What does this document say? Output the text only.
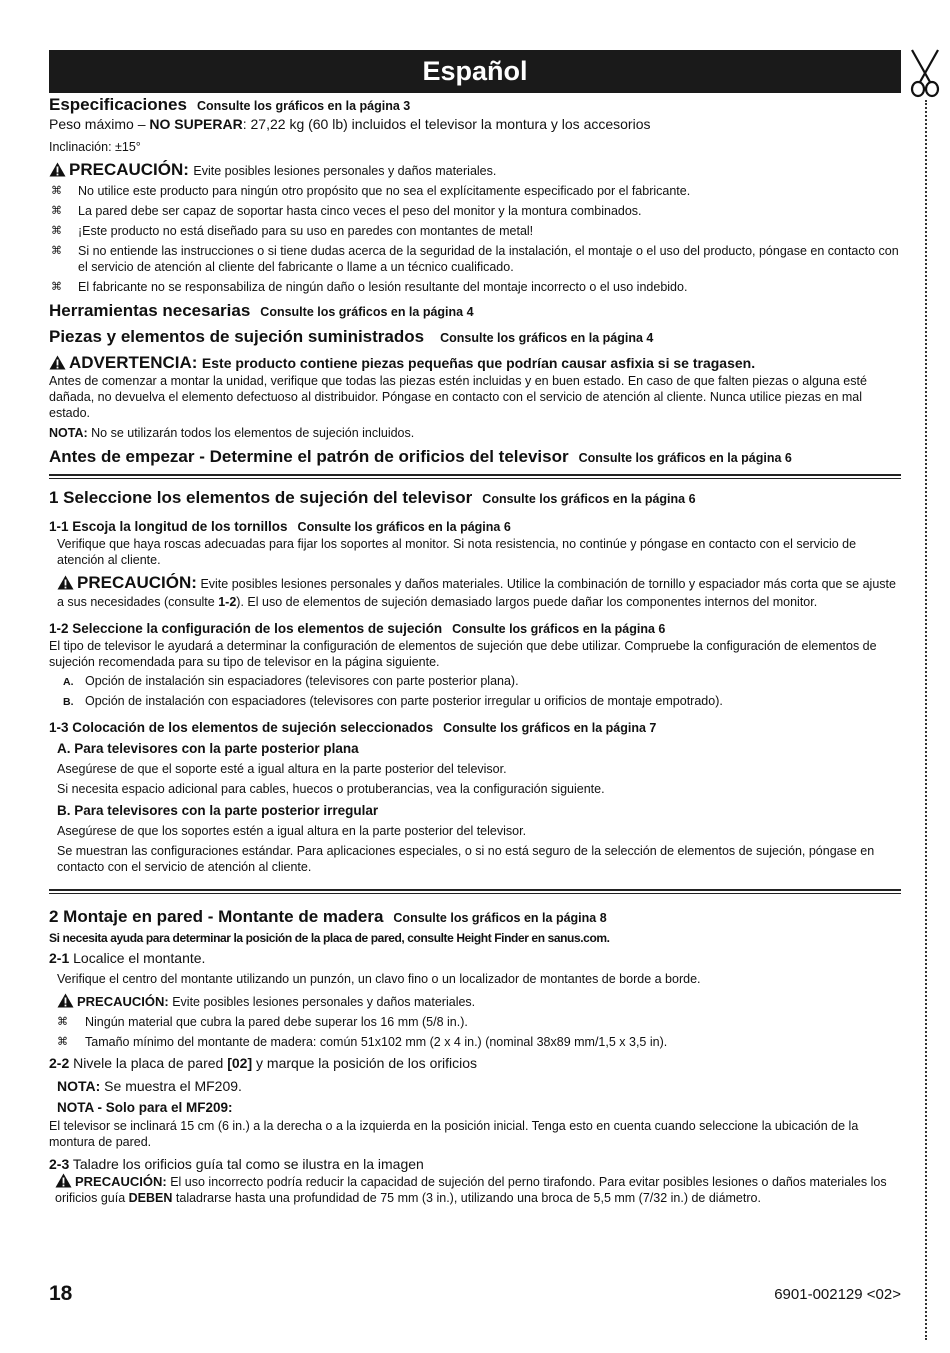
Español
Especificaciones Consulte los gráficos en la página 3
Peso máximo – NO SUPERAR: 27,22 kg (60 lb) incluidos el televisor la montura y los accesorios
Inclinación: ±15°
PRECAUCIÓN: Evite posibles lesiones personales y daños materiales.
⌘ No utilice este producto para ningún otro propósito que no sea el explícitamente especificado por el fabricante.
⌘ La pared debe ser capaz de soportar hasta cinco veces el peso del monitor y la montura combinados.
⌘ ¡Este producto no está diseñado para su uso en paredes con montantes de metal!
⌘ Si no entiende las instrucciones o si tiene dudas acerca de la seguridad de la instalación, el montaje o el uso del producto, póngase en contacto con el servicio de atención al cliente del fabricante o llame a un técnico cualificado.
⌘ El fabricante no se responsabiliza de ningún daño o lesión resultante del montaje incorrecto o el uso indebido.
Herramientas necesarias Consulte los gráficos en la página 4
Piezas y elementos de sujeción suministrados Consulte los gráficos en la página 4
ADVERTENCIA: Este producto contiene piezas pequeñas que podrían causar asfixia si se tragasen.
Antes de comenzar a montar la unidad, verifique que todas las piezas estén incluidas y en buen estado. En caso de que falten piezas o alguna esté dañada, no devuelva el elemento defectuoso al distribuidor. Póngase en contacto con el servicio de atención al cliente. Nunca utilice piezas en mal estado.
NOTA: No se utilizarán todos los elementos de sujeción incluidos.
Antes de empezar - Determine el patrón de orificios del televisor Consulte los gráficos en la página 6
1 Seleccione los elementos de sujeción del televisor Consulte los gráficos en la página 6
1-1 Escoja la longitud de los tornillos Consulte los gráficos en la página 6
Verifique que haya roscas adecuadas para fijar los soportes al monitor. Si nota resistencia, no continúe y póngase en contacto con el servicio de atención al cliente.
PRECAUCIÓN: Evite posibles lesiones personales y daños materiales. Utilice la combinación de tornillo y espaciador más corta que se ajuste a sus necesidades (consulte 1-2). El uso de elementos de sujeción demasiado largos puede dañar los componentes internos del monitor.
1-2 Seleccione la configuración de los elementos de sujeción Consulte los gráficos en la página 6
El tipo de televisor le ayudará a determinar la configuración de elementos de sujeción que debe utilizar. Compruebe la configuración de elementos de sujeción recomendada para su tipo de televisor en la página siguiente.
A. Opción de instalación sin espaciadores (televisores con parte posterior plana).
B. Opción de instalación con espaciadores (televisores con parte posterior irregular u orificios de montaje empotrado).
1-3 Colocación de los elementos de sujeción seleccionados Consulte los gráficos en la página 7
A. Para televisores con la parte posterior plana
Asegúrese de que el soporte esté a igual altura en la parte posterior del televisor.
Si necesita espacio adicional para cables, huecos o protuberancias, vea la configuración siguiente.
B. Para televisores con la parte posterior irregular
Asegúrese de que los soportes estén a igual altura en la parte posterior del televisor.
Se muestran las configuraciones estándar. Para aplicaciones especiales, o si no está seguro de la selección de elementos de sujeción, póngase en contacto con el servicio de atención al cliente.
2 Montaje en pared - Montante de madera Consulte los gráficos en la página 8
Si necesita ayuda para determinar la posición de la placa de pared, consulte Height Finder en sanus.com.
2-1 Localice el montante.
Verifique el centro del montante utilizando un punzón, un clavo fino o un localizador de montantes de borde a borde.
PRECAUCIÓN: Evite posibles lesiones personales y daños materiales.
⌘ Ningún material que cubra la pared debe superar los 16 mm (5/8 in.).
⌘ Tamaño mínimo del montante de madera: común 51x102 mm (2 x 4 in.) (nominal 38x89 mm/1,5 x 3,5 in).
2-2 Nivele la placa de pared [02] y marque la posición de los orificios
NOTA: Se muestra el MF209.
NOTA - Solo para el MF209:
El televisor se inclinará 15 cm (6 in.) a la derecha o a la izquierda en la posición inicial. Tenga esto en cuenta cuando seleccione la ubicación de la montura de pared.
2-3 Taladre los orificios guía tal como se ilustra en la imagen
PRECAUCIÓN: El uso incorrecto podría reducir la capacidad de sujeción del perno tirafondo. Para evitar posibles lesiones o daños materiales los orificios guía DEBEN taladrarse hasta una profundidad de 75 mm (3 in.), utilizando una broca de 5,5 mm (7/32 in.) de diámetro.
18	6901-002129 <02>
